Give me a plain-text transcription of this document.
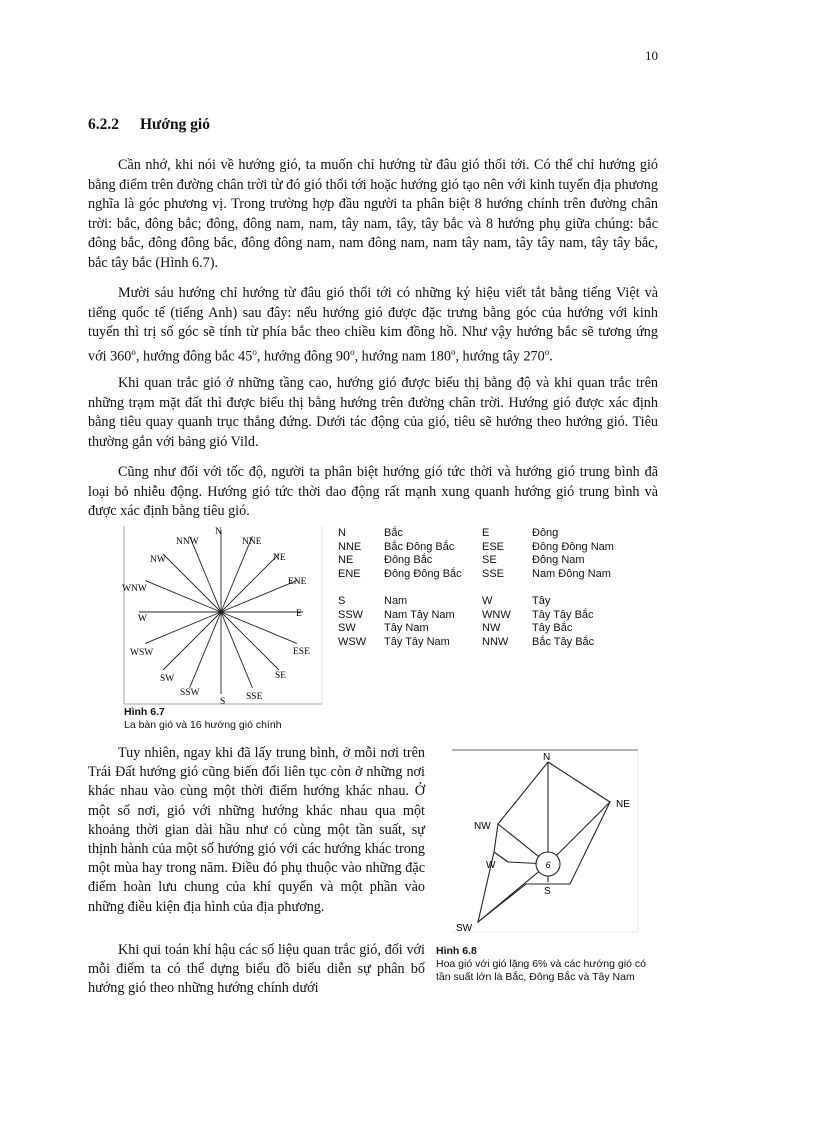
10
6.2.2 Hướng gió

Cần nhớ, khi nói về hướng gió, ta muốn chỉ hướng từ đâu gió thổi tới. Có thể chỉ hướng gió bằng điểm trên đường chân trời từ đó gió thổi tới hoặc hướng gió tạo nên với kinh tuyến địa phương nghĩa là góc phương vị. Trong trường hợp đầu người ta phân biệt 8 hướng chính trên đường chân trời: bắc, đông bắc; đông, đông nam, nam, tây nam, tây, tây bắc và 8 hướng phụ giữa chúng: bắc đông bắc, đông đông bắc, đông đông nam, nam đông nam, nam tây nam, tây tây nam, tây tây bắc, bắc tây bắc (Hình 6.7).

Mười sáu hướng chỉ hướng từ đâu gió thổi tới có những ký hiệu viết tắt bằng tiếng Việt và tiếng quốc tế (tiếng Anh) sau đây: nếu hướng gió được đặc trưng bằng góc của hướng với kinh tuyến thì trị số góc sẽ tính từ phía bắc theo chiều kim đồng hồ. Như vậy hướng bắc sẽ tương ứng với 360$^o$, hướng đông bắc 45$^o$, hướng đông 90$^o$, hướng nam 180$^o$, hướng tây 270$^o$.

Khi quan trắc gió ở những tầng cao, hướng gió được biểu thị bằng độ và khi quan trắc trên những trạm mặt đất thì được biểu thị bằng hướng trên đường chân trời. Hướng gió được xác định bằng tiêu quay quanh trục thẳng đứng. Dưới tác động của gió, tiêu sẽ hướng theo hướng gió. Tiêu thường gắn với bảng gió Vild.

Cũng như đối với tốc độ, người ta phân biệt hướng gió tức thời và hướng gió trung bình đã loại bỏ nhiễu động. Hướng gió tức thời dao động rất mạnh xung quanh hướng gió trung bình và được xác định bằng tiêu gió.

N
NNW	NNE
NW	NE
WNW
ENE
W	E
WSW	ESE
SW	SE
SSW	SSE
S
Hình 6.7
La bàn gió và 16 hướng gió chính
N	Bắc	E	Đông
NNE	Bắc Đông Bắc	ESE	Đông Đông Nam
NE	Đông Bắc	SE	Đông Nam
ENE	Đông Đông Bắc	SSE	Nam Đông Nam

S	Nam	W	Tây
SSW	Nam Tây Nam	WNW	Tây Tây Bắc
SW	Tây Nam	NW	Tây Bắc
WSW	Tây Tây Nam	NNW	Bắc Tây Bắc

Tuy nhiên, ngay khi đã lấy trung bình, ở mỗi nơi trên Trái Đất hướng gió cũng biến đổi liên tục còn ở những nơi khác nhau vào cùng một thời điểm hướng khác nhau. Ở một số nơi, gió với những hướng khác nhau qua một khoảng thời gian dài hầu như có cùng một tần suất, sự thịnh hành của một số hướng gió với các hướng khác trong một mùa hay trong năm. Điều đó phụ thuộc vào những đặc điểm hoàn lưu chung của khí quyển và một phần vào những điều kiện địa hình của địa phương.

Khi qui toán khí hậu các số liệu quan trắc gió, đối với mỗi điểm ta có thể dựng biểu đồ biểu diễn sự phân bố hướng gió theo những hướng chính dưới

6
N
NE
NW
W
S
SW
Hình 6.8
Hoa gió với gió lặng 6% và các hướng gió có tần suất lớn là Bắc, Đông Bắc và Tây Nam
